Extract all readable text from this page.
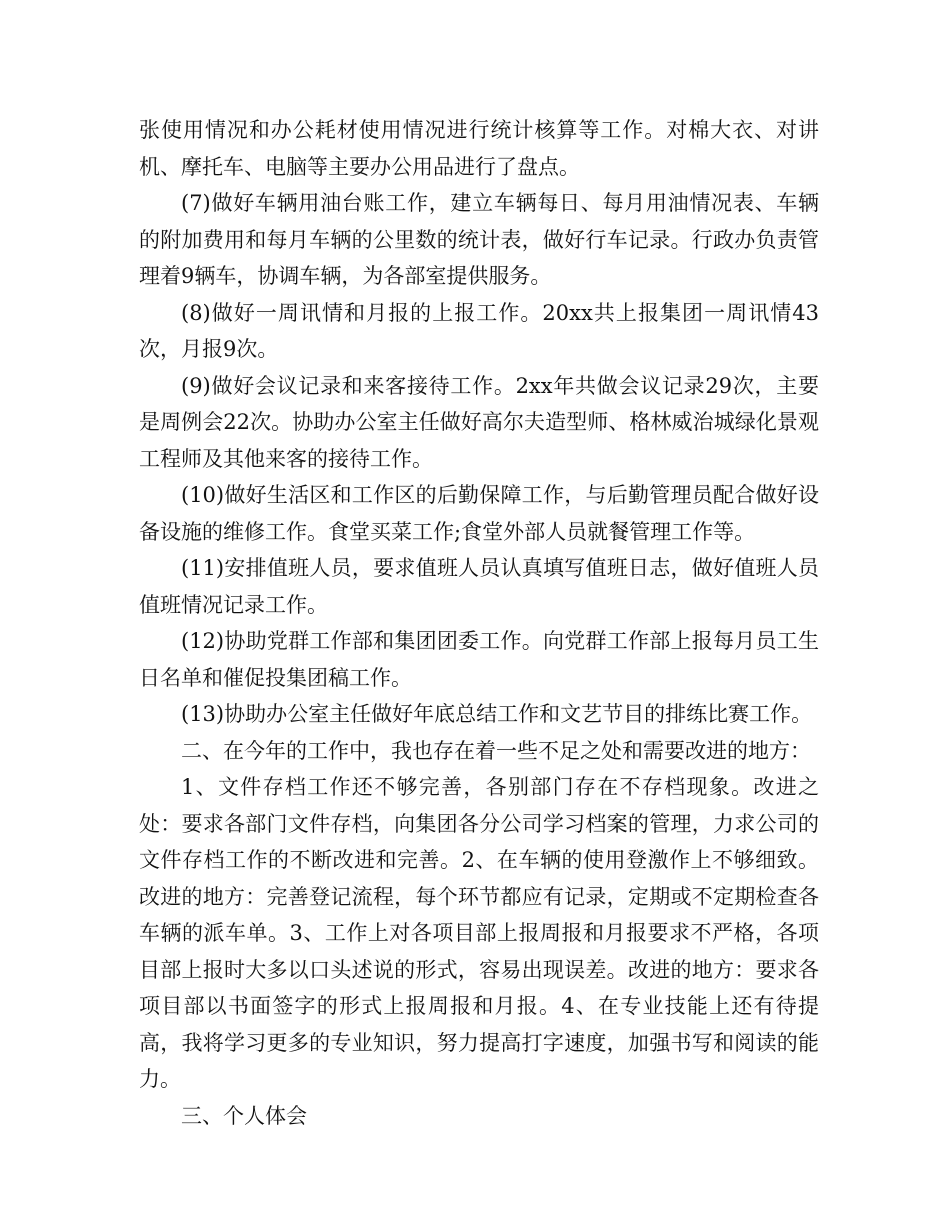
张使用情况和办公耗材使用情况进行统计核算等工作。对棉大衣、对讲机、摩托车、电脑等主要办公用品进行了盘点。

(7)做好车辆用油台账工作，建立车辆每日、每月用油情况表、车辆的附加费用和每月车辆的公里数的统计表，做好行车记录。行政办负责管理着9辆车，协调车辆，为各部室提供服务。

(8)做好一周讯情和月报的上报工作。20xx共上报集团一周讯情43次，月报9次。

(9)做好会议记录和来客接待工作。2xx年共做会议记录29次，主要是周例会22次。协助办公室主任做好高尔夫造型师、格林威治城绿化景观工程师及其他来客的接待工作。

(10)做好生活区和工作区的后勤保障工作，与后勤管理员配合做好设备设施的维修工作。食堂买菜工作;食堂外部人员就餐管理工作等。

(11)安排值班人员，要求值班人员认真填写值班日志，做好值班人员值班情况记录工作。

(12)协助党群工作部和集团团委工作。向党群工作部上报每月员工生日名单和催促投集团稿工作。

(13)协助办公室主任做好年底总结工作和文艺节目的排练比赛工作。

二、在今年的工作中，我也存在着一些不足之处和需要改进的地方：

1、文件存档工作还不够完善，各别部门存在不存档现象。改进之处：要求各部门文件存档，向集团各分公司学习档案的管理，力求公司的文件存档工作的不断改进和完善。2、在车辆的使用登激作上不够细致。改进的地方：完善登记流程，每个环节都应有记录，定期或不定期检查各车辆的派车单。3、工作上对各项目部上报周报和月报要求不严格，各项目部上报时大多以口头述说的形式，容易出现误差。改进的地方：要求各项目部以书面签字的形式上报周报和月报。4、在专业技能上还有待提高，我将学习更多的专业知识，努力提高打字速度，加强书写和阅读的能力。

三、个人体会
